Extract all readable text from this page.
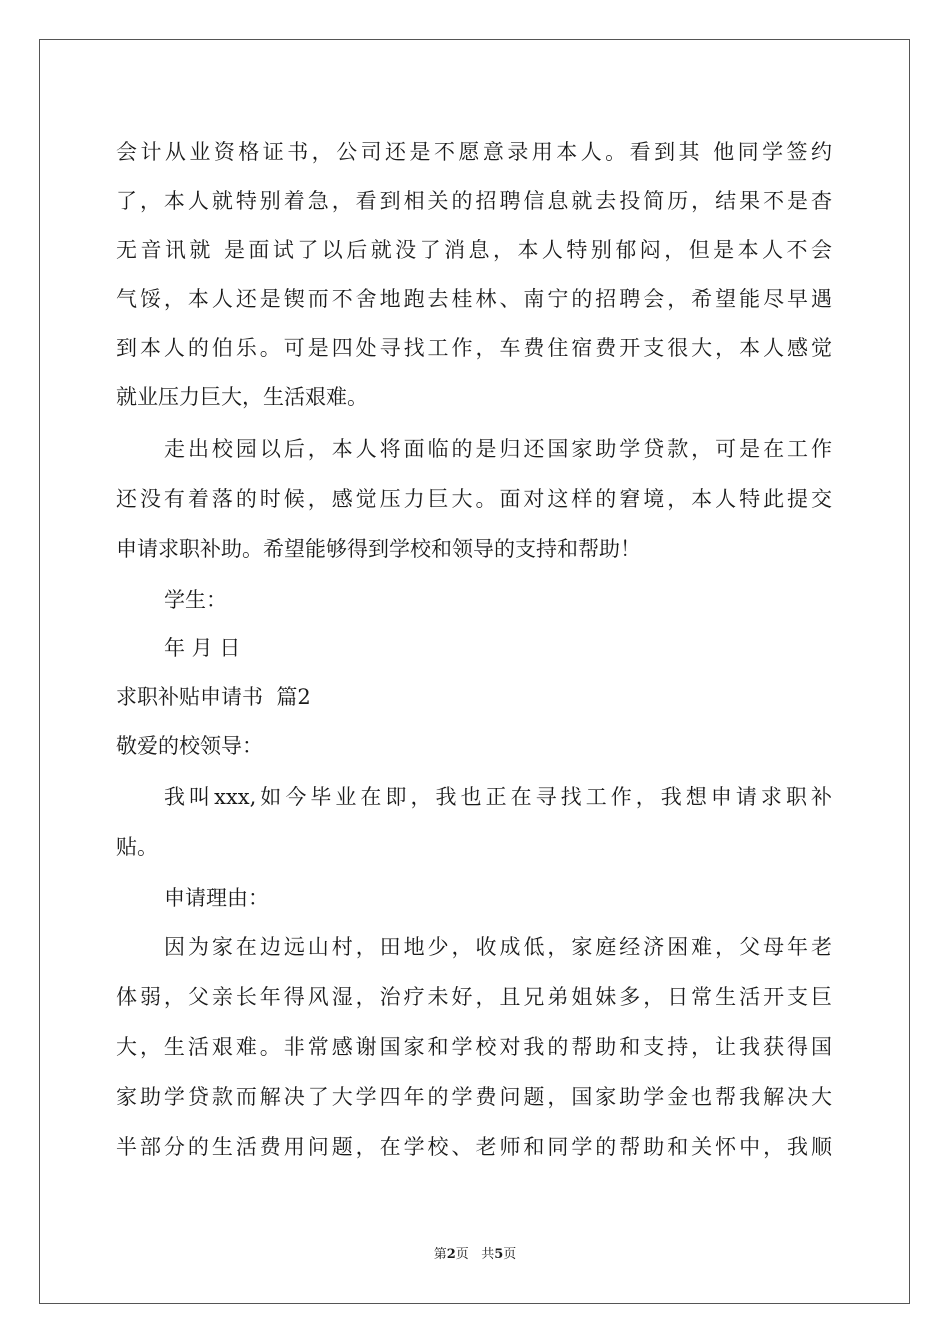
会计从业资格证书，公司还是不愿意录用本人。看到其 他同学签约
了，本人就特别着急，看到相关的招聘信息就去投简历，结果不是杳
无音讯就 是面试了以后就没了消息，本人特别郁闷，但是本人不会
气馁，本人还是锲而不舍地跑去桂林、南宁的招聘会，希望能尽早遇
到本人的伯乐。可是四处寻找工作，车费住宿费开支很大，本人感觉
就业压力巨大，生活艰难。
走出校园以后，本人将面临的是归还国家助学贷款，可是在工作
还没有着落的时候，感觉压力巨大。面对这样的窘境，本人特此提交
申请求职补助。希望能够得到学校和领导的支持和帮助！
学生：
年 月 日
求职补贴申请书  篇2
敬爱的校领导：
我叫xxx,如今毕业在即，我也正在寻找工作，我想申请求职补
贴。
申请理由：
因为家在边远山村，田地少，收成低，家庭经济困难，父母年老
体弱，父亲长年得风湿，治疗未好，且兄弟姐妹多，日常生活开支巨
大，生活艰难。非常感谢国家和学校对我的帮助和支持，让我获得国
家助学贷款而解决了大学四年的学费问题，国家助学金也帮我解决大
半部分的生活费用问题，在学校、老师和同学的帮助和关怀中，我顺
第2页   共5页
